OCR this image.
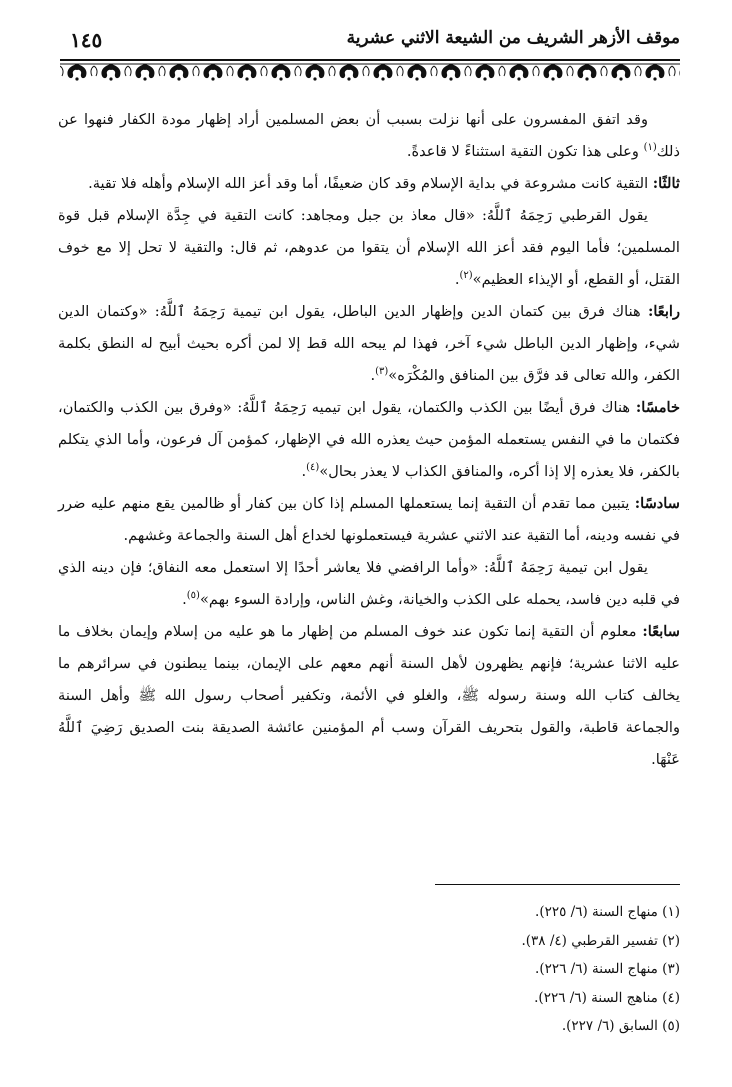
١٤٥	موقف الأزهر الشريف من الشيعة الاثني عشرية

وقد اتفق المفسرون على أنها نزلت بسبب أن بعض المسلمين أراد إظهار مودة الكفار فنهوا عن ذلك$^{(١)}$ وعلى هذا تكون التقية استثناءً لا قاعدةً.

ثالثًا: التقية كانت مشروعة في بداية الإسلام وقد كان ضعيفًا، أما وقد أعز الله الإسلام وأهله فلا تقية.

يقول القرطبي رَحِمَهُ ٱللَّهُ: «قال معاذ بن جبل ومجاهد: كانت التقية في جِدَّة الإسلام قبل قوة المسلمين؛ فأما اليوم فقد أعز الله الإسلام أن يتقوا من عدوهم، ثم قال: والتقية لا تحل إلا مع خوف القتل، أو القطع، أو الإيذاء العظيم»$^{(٢)}$.

رابعًا: هناك فرق بين كتمان الدين وإظهار الدين الباطل، يقول ابن تيمية رَحِمَهُ ٱللَّهُ: «وكتمان الدين شيء، وإظهار الدين الباطل شيء آخر، فهذا لم يبحه الله قط إلا لمن أكره بحيث أبيح له النطق بكلمة الكفر، والله تعالى قد فرَّق بين المنافق والمُكْرَه»$^{(٣)}$.

خامسًا: هناك فرق أيضًا بين الكذب والكتمان، يقول ابن تيميه رَحِمَهُ ٱللَّهُ: «وفرق بين الكذب والكتمان، فكتمان ما في النفس يستعمله المؤمن حيث يعذره الله في الإظهار، كمؤمن آل فرعون، وأما الذي يتكلم بالكفر، فلا يعذره إلا إذا أكره، والمنافق الكذاب لا يعذر بحال»$^{(٤)}$.

سادسًا: يتبين مما تقدم أن التقية إنما يستعملها المسلم إذا كان بين كفار أو ظالمين يقع منهم عليه ضرر في نفسه ودينه، أما التقية عند الاثني عشرية فيستعملونها لخداع أهل السنة والجماعة وغشهم.

يقول ابن تيمية رَحِمَهُ ٱللَّهُ: «وأما الرافضي فلا يعاشر أحدًا إلا استعمل معه النفاق؛ فإن دينه الذي في قلبه دين فاسد، يحمله على الكذب والخيانة، وغش الناس، وإرادة السوء بهم»$^{(٥)}$.

سابعًا: معلوم أن التقية إنما تكون عند خوف المسلم من إظهار ما هو عليه من إسلام وإيمان بخلاف ما عليه الاثنا عشرية؛ فإنهم يظهرون لأهل السنة أنهم معهم على الإيمان، بينما يبطنون في سرائرهم ما يخالف كتاب الله وسنة رسوله ﷺ، والغلو في الأئمة، وتكفير أصحاب رسول الله ﷺ وأهل السنة والجماعة قاطبة، والقول بتحريف القرآن وسب أم المؤمنين عائشة الصديقة بنت الصديق رَضِيَ ٱللَّهُ عَنْهَا.

(١) منهاج السنة (٦/ ٢٢٥).
(٢) تفسير القرطبي (٤/ ٣٨).
(٣) منهاج السنة (٦/ ٢٢٦).
(٤) مناهج السنة (٦/ ٢٢٦).
(٥) السابق (٦/ ٢٢٧).
